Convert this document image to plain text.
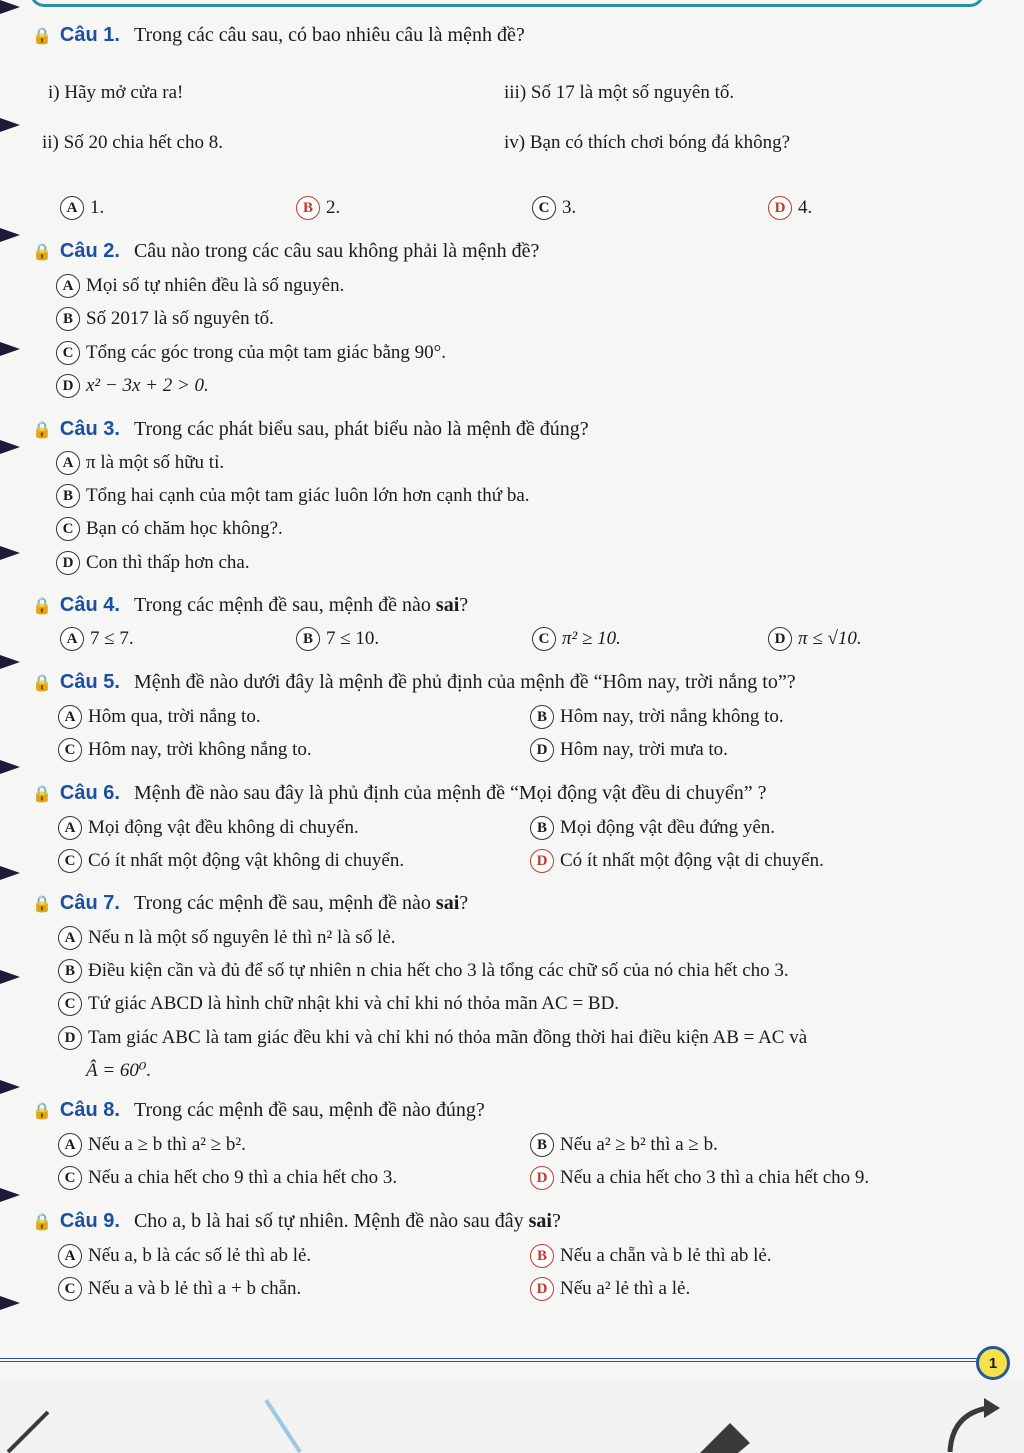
🔒 Câu 1. Trong các câu sau, có bao nhiêu câu là mệnh đề?
i) Hãy mở cửa ra!	iii) Số 17 là một số nguyên tố.
ii) Số 20 chia hết cho 8.	iv) Bạn có thích chơi bóng đá không?
A 1.	B 2.	C 3.	D 4.
🔒 Câu 2. Câu nào trong các câu sau không phải là mệnh đề?
A Mọi số tự nhiên đều là số nguyên.
B Số 2017 là số nguyên tố.
C Tổng các góc trong của một tam giác bằng 90°.
D x² − 3x + 2 > 0.
🔒 Câu 3. Trong các phát biểu sau, phát biểu nào là mệnh đề đúng?
A π là một số hữu tỉ.
B Tổng hai cạnh của một tam giác luôn lớn hơn cạnh thứ ba.
C Bạn có chăm học không?.
D Con thì thấp hơn cha.
🔒 Câu 4. Trong các mệnh đề sau, mệnh đề nào sai?
A 7 ≤ 7.	B 7 ≤ 10.	C π² ≥ 10.	D π ≤ √10.
🔒 Câu 5. Mệnh đề nào dưới đây là mệnh đề phủ định của mệnh đề “Hôm nay, trời nắng to”?
A Hôm qua, trời nắng to.	B Hôm nay, trời nắng không to.
C Hôm nay, trời không nắng to.	D Hôm nay, trời mưa to.
🔒 Câu 6. Mệnh đề nào sau đây là phủ định của mệnh đề “Mọi động vật đều di chuyển” ?
A Mọi động vật đều không di chuyển.	B Mọi động vật đều đứng yên.
C Có ít nhất một động vật không di chuyển.	D Có ít nhất một động vật di chuyển.
🔒 Câu 7. Trong các mệnh đề sau, mệnh đề nào sai?
A Nếu n là một số nguyên lẻ thì n² là số lẻ.
B Điều kiện cần và đủ để số tự nhiên n chia hết cho 3 là tổng các chữ số của nó chia hết cho 3.
C Tứ giác ABCD là hình chữ nhật khi và chỉ khi nó thỏa mãn AC = BD.
D Tam giác ABC là tam giác đều khi và chỉ khi nó thỏa mãn đồng thời hai điều kiện AB = AC và
Â = 60⁰.
🔒 Câu 8. Trong các mệnh đề sau, mệnh đề nào đúng?
A Nếu a ≥ b thì a² ≥ b².	B Nếu a² ≥ b² thì a ≥ b.
C Nếu a chia hết cho 9 thì a chia hết cho 3.	D Nếu a chia hết cho 3 thì a chia hết cho 9.
🔒 Câu 9. Cho a, b là hai số tự nhiên. Mệnh đề nào sau đây sai?
A Nếu a, b là các số lẻ thì ab lẻ.	B Nếu a chẵn và b lẻ thì ab lẻ.
C Nếu a và b lẻ thì a + b chẵn.	D Nếu a² lẻ thì a lẻ.
1
